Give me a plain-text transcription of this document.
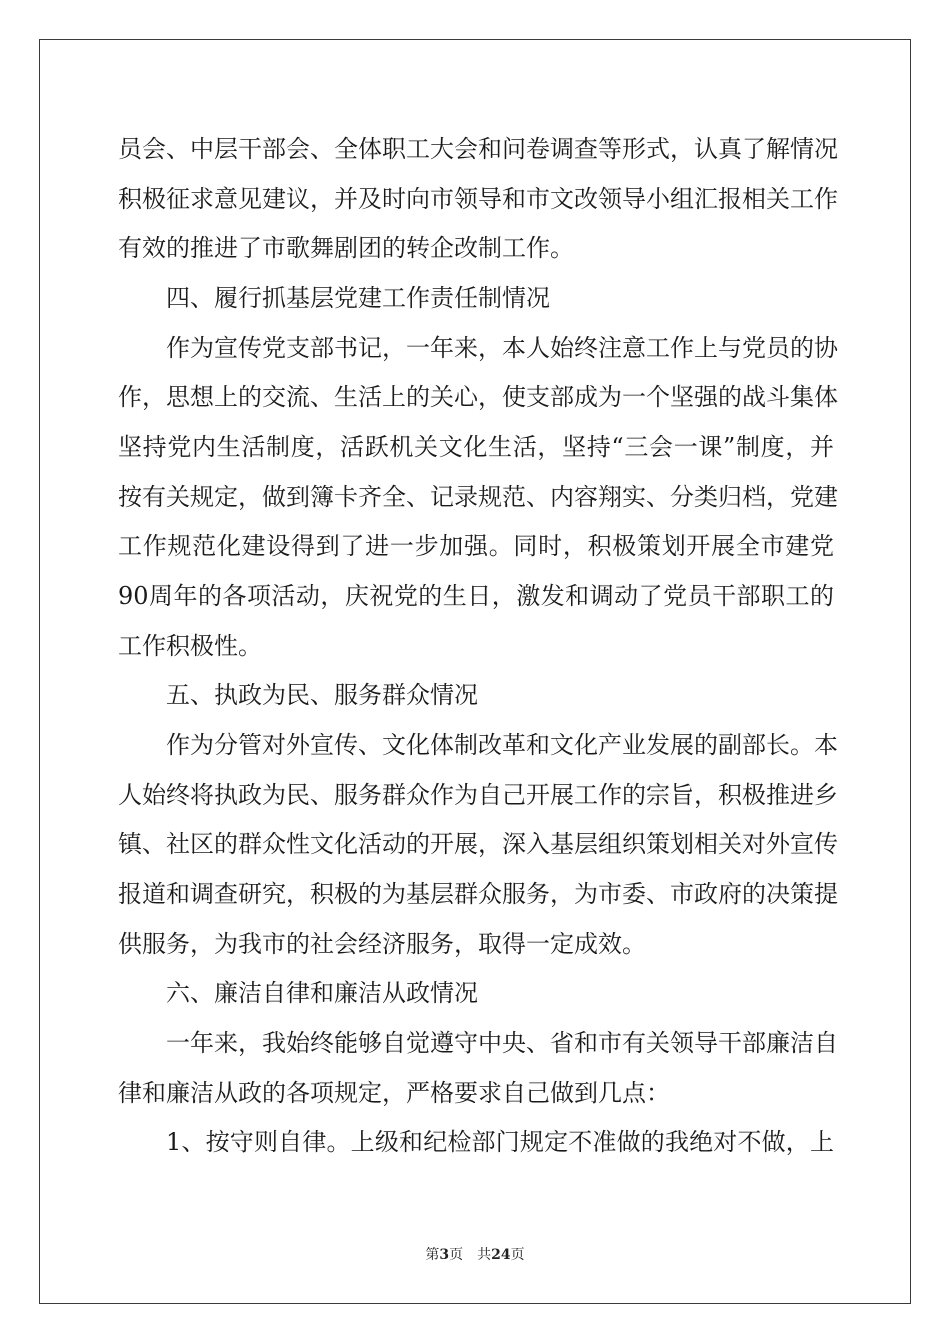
员会、中层干部会、全体职工大会和问卷调查等形式，认真了解情况
积极征求意见建议，并及时向市领导和市文改领导小组汇报相关工作
有效的推进了市歌舞剧团的转企改制工作。
四、履行抓基层党建工作责任制情况
作为宣传党支部书记，一年来，本人始终注意工作上与党员的协
作，思想上的交流、生活上的关心，使支部成为一个坚强的战斗集体
坚持党内生活制度，活跃机关文化生活，坚持“三会一课”制度，并
按有关规定，做到簿卡齐全、记录规范、内容翔实、分类归档，党建
工作规范化建设得到了进一步加强。同时，积极策划开展全市建党
90周年的各项活动，庆祝党的生日，激发和调动了党员干部职工的
工作积极性。
五、执政为民、服务群众情况
作为分管对外宣传、文化体制改革和文化产业发展的副部长。本
人始终将执政为民、服务群众作为自己开展工作的宗旨，积极推进乡
镇、社区的群众性文化活动的开展，深入基层组织策划相关对外宣传
报道和调查研究，积极的为基层群众服务，为市委、市政府的决策提
供服务，为我市的社会经济服务，取得一定成效。
六、廉洁自律和廉洁从政情况
一年来，我始终能够自觉遵守中央、省和市有关领导干部廉洁自
律和廉洁从政的各项规定，严格要求自己做到几点：
1、按守则自律。上级和纪检部门规定不准做的我绝对不做，上
第3页 共24页
